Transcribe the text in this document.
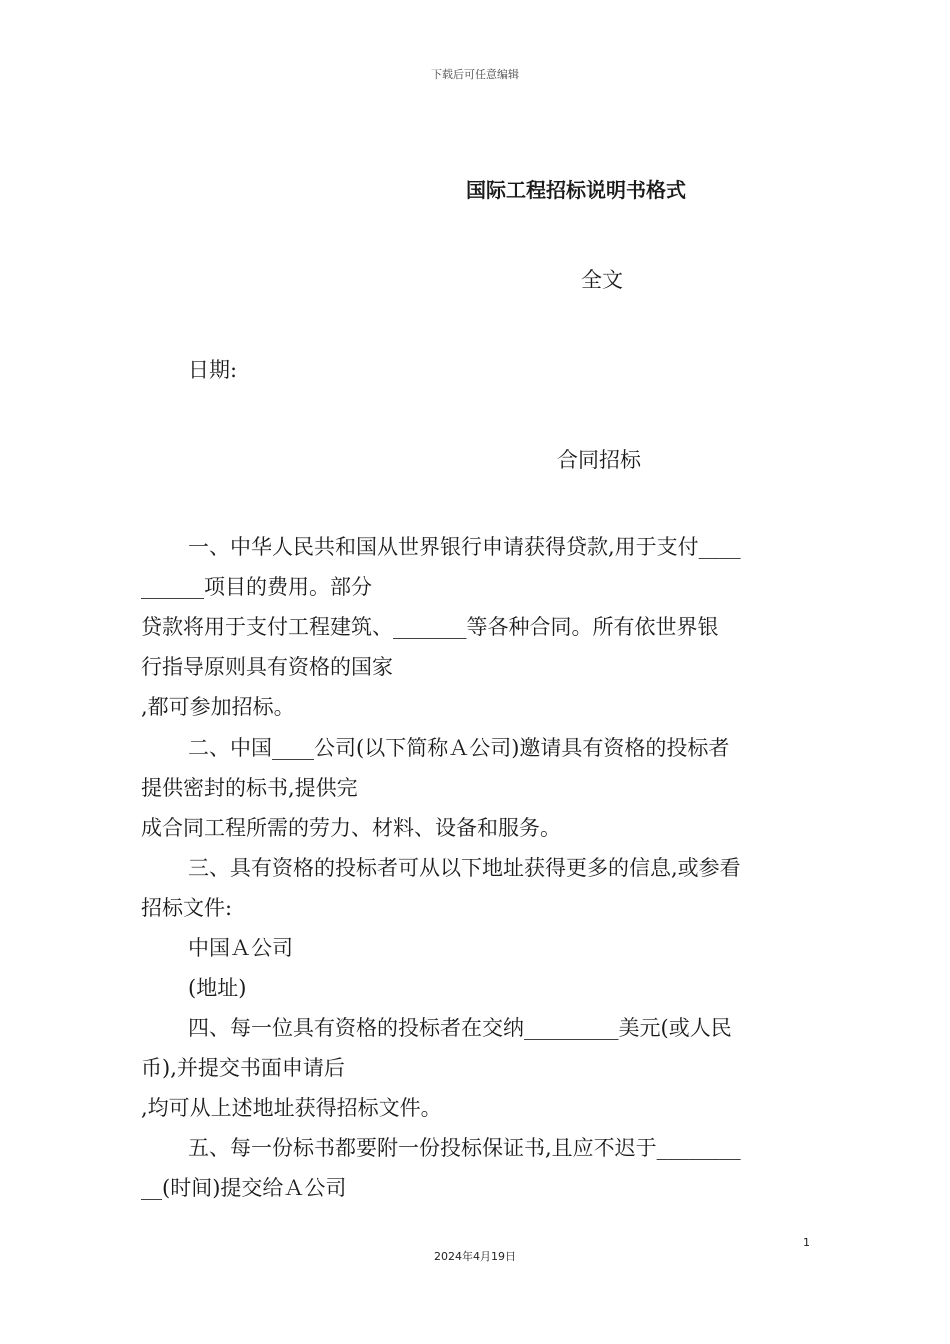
下载后可任意编辑
国际工程招标说明书格式
全文
日期:
合同招标
一、中华人民共和国从世界银行申请获得贷款,用于支付____
______项目的费用。部分
贷款将用于支付工程建筑、_______等各种合同。所有依世界银
行指导原则具有资格的国家
,都可参加招标。
二、中国____公司(以下简称Ａ公司)邀请具有资格的投标者
提供密封的标书,提供完
成合同工程所需的劳力、材料、设备和服务。
三、具有资格的投标者可从以下地址获得更多的信息,或参看
招标文件:
中国Ａ公司
(地址)
四、每一位具有资格的投标者在交纳_________美元(或人民
币),并提交书面申请后
,均可从上述地址获得招标文件。
五、每一份标书都要附一份投标保证书,且应不迟于________
__(时间)提交给Ａ公司
1
2024年4月19日
